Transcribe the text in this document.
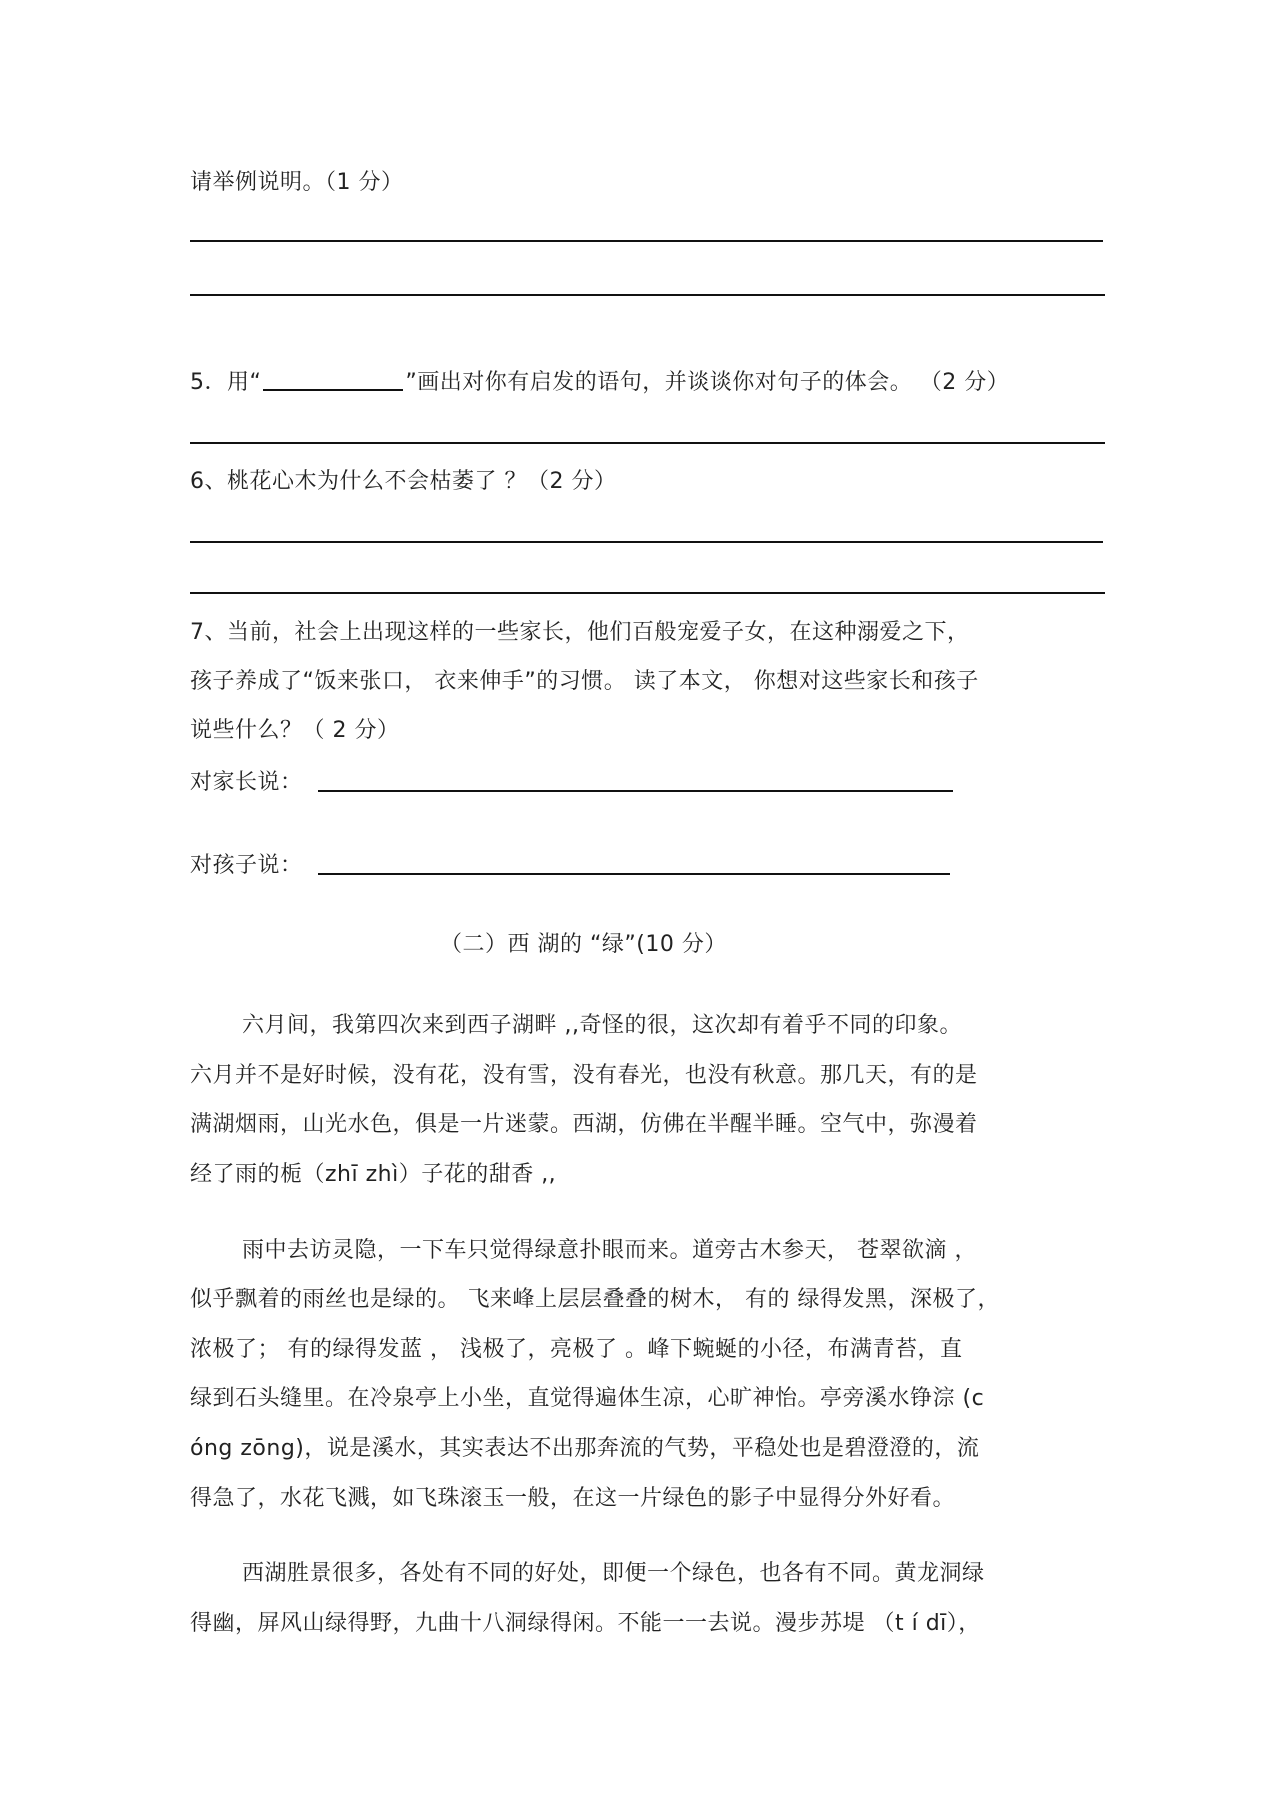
请举例说明。（1 分）
5．用“	”画出对你有启发的语句，并谈谈你对句子的体会。 （2 分）
6、桃花心木为什么不会枯萎了 ？（2 分）
7、当前，社会上出现这样的一些家长，他们百般宠爱子女，在这种溺爱之下，
孩子养成了“饭来张口， 衣来伸手”的习惯。 读了本文， 你想对这些家长和孩子
说些什么？（ 2 分）
对家长说：
对孩子说：
（二）西 湖的 “绿”(10 分）
六月间，我第四次来到西子湖畔 ,,奇怪的很，这次却有着乎不同的印象。
六月并不是好时候，没有花，没有雪，没有春光，也没有秋意。那几天，有的是
满湖烟雨，山光水色，俱是一片迷蒙。西湖，仿佛在半醒半睡。空气中，弥漫着
经了雨的栀（zhī zhì）子花的甜香 ,,
雨中去访灵隐，一下车只觉得绿意扑眼而来。道旁古木参天， 苍翠欲滴 ，
似乎飘着的雨丝也是绿的。 飞来峰上层层叠叠的树木， 有的 绿得发黑，深极了，
浓极了； 有的绿得发蓝 ， 浅极了，亮极了 。峰下蜿蜒的小径，布满青苔，直
绿到石头缝里。在冷泉亭上小坐，直觉得遍体生凉，心旷神怡。亭旁溪水铮淙 (c
óng zōng)，说是溪水，其实表达不出那奔流的气势，平稳处也是碧澄澄的，流
得急了，水花飞溅，如飞珠滚玉一般，在这一片绿色的影子中显得分外好看。
西湖胜景很多，各处有不同的好处，即便一个绿色，也各有不同。黄龙洞绿
得幽，屏风山绿得野，九曲十八洞绿得闲。不能一一去说。漫步苏堤 （t í dī），
